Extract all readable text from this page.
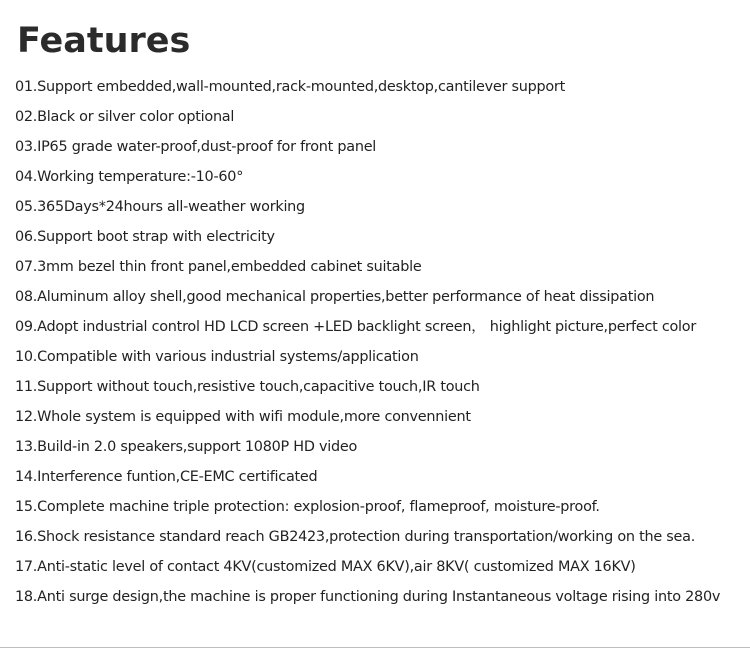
Features
01.Support embedded,wall-mounted,rack-mounted,desktop,cantilever support
02.Black or silver color optional
03.IP65 grade water-proof,dust-proof for front panel
04.Working temperature:-10-60°
05.365Days*24hours all-weather working
06.Support boot strap with electricity
07.3mm bezel thin front panel,embedded cabinet suitable
08.Aluminum alloy shell,good mechanical properties,better performance of heat dissipation
09.Adopt industrial control HD LCD screen +LED backlight screen， highlight picture,perfect color
10.Compatible with various industrial systems/application
11.Support without touch,resistive touch,capacitive touch,IR touch
12.Whole system is equipped with wifi module,more convennient
13.Build-in 2.0 speakers,support 1080P HD video
14.Interference funtion,CE-EMC certificated
15.Complete machine triple protection: explosion-proof, flameproof, moisture-proof.
16.Shock resistance standard reach GB2423,protection during transportation/working on the sea.
17.Anti-static level of contact 4KV(customized MAX 6KV),air 8KV( customized MAX 16KV)
18.Anti surge design,the machine is proper functioning during Instantaneous voltage rising into 280v
